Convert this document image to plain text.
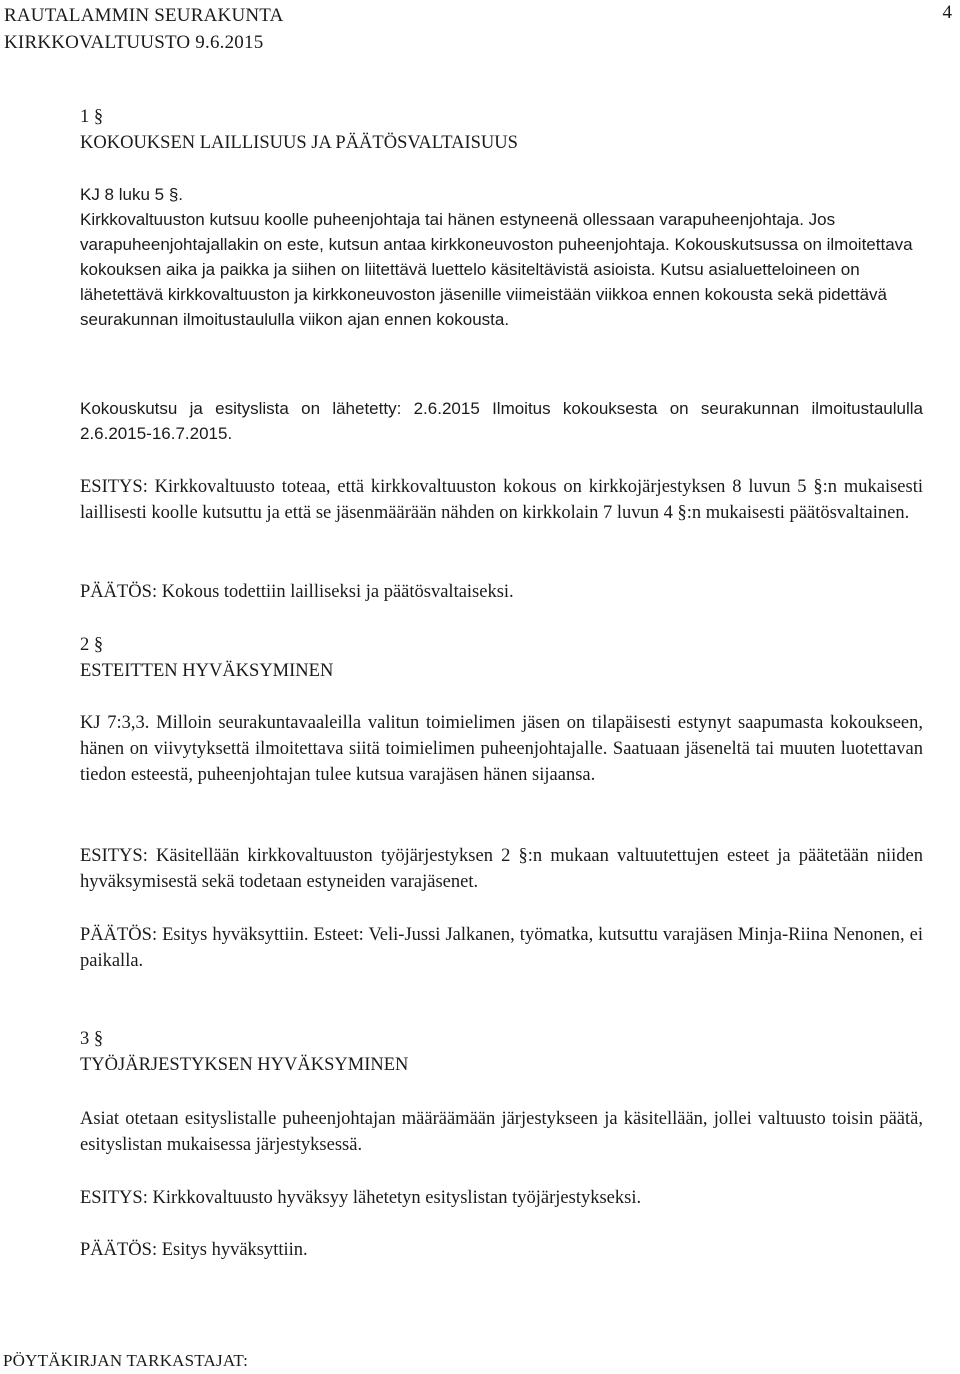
RAUTALAMMIN SEURAKUNTA
KIRKKOVALTUUSTO 9.6.2015
4

1 §

KOKOUKSEN LAILLISUUS JA PÄÄTÖSVALTAISUUS

KJ 8 luku 5 §.

Kirkkovaltuuston kutsuu koolle puheenjohtaja tai hänen estyneenä ollessaan varapuheenjohtaja. Jos varapuheenjohtajallakin on este, kutsun antaa kirkkoneuvoston puheenjohtaja. Kokouskutsussa on ilmoitettava kokouksen aika ja paikka ja siihen on liitettävä luettelo käsiteltävistä asioista.

Kutsu asialuetteloineen on lähetettävä kirkkovaltuuston ja kirkkoneuvoston jäsenille viimeistään viikkoa ennen kokousta sekä pidettävä seurakunnan ilmoitustaululla viikon ajan ennen kokousta.

Kokouskutsu ja esityslista on lähetetty: 2.6.2015 Ilmoitus kokouksesta on seurakunnan ilmoitustaululla 2.6.2015-16.7.2015.

ESITYS: Kirkkovaltuusto toteaa, että kirkkovaltuuston kokous on kirkkojärjestyksen 8 luvun 5 §:n mukaisesti laillisesti koolle kutsuttu ja että se jäsenmäärään nähden on kirkkolain 7 luvun 4 §:n mukaisesti päätösvaltainen.

PÄÄTÖS: Kokous todettiin lailliseksi ja päätösvaltaiseksi.

2 §

ESTEITTEN HYVÄKSYMINEN

KJ 7:3,3. Milloin seurakuntavaaleilla valitun toimielimen jäsen on tilapäisesti estynyt saapumasta kokoukseen, hänen on viivytyksettä ilmoitettava siitä toimielimen puheenjohtajalle. Saatuaan jäseneltä tai muuten luotettavan tiedon esteestä, puheenjohtajan tulee kutsua varajäsen hänen sijaansa.

ESITYS: Käsitellään kirkkovaltuuston työjärjestyksen 2 §:n mukaan valtuutettujen esteet ja päätetään niiden hyväksymisestä sekä todetaan estyneiden varajäsenet.

PÄÄTÖS: Esitys hyväksyttiin. Esteet: Veli-Jussi Jalkanen, työmatka, kutsuttu varajäsen Minja-Riina Nenonen, ei paikalla.

3 §

TYÖJÄRJESTYKSEN HYVÄKSYMINEN

Asiat otetaan esityslistalle puheenjohtajan määräämään järjestykseen ja käsitellään, jollei valtuusto toisin päätä, esityslistan mukaisessa järjestyksessä.

ESITYS: Kirkkovaltuusto hyväksyy lähetetyn esityslistan työjärjestykseksi.

PÄÄTÖS: Esitys hyväksyttiin.

PÖYTÄKIRJAN TARKASTAJAT:
